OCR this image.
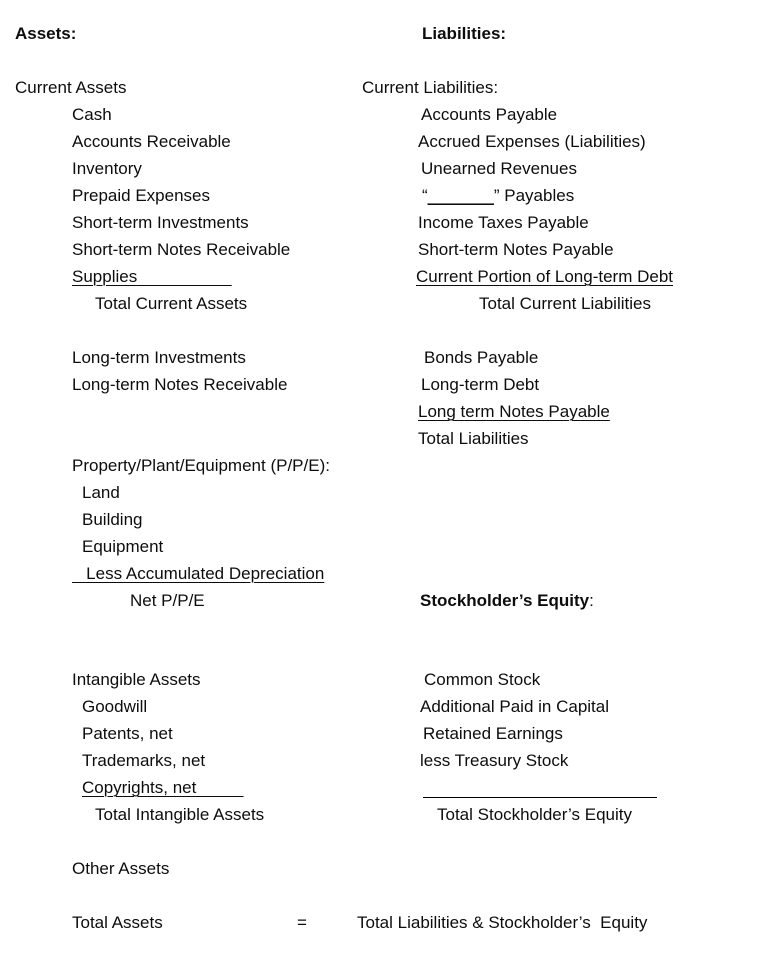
Assets:
Current Assets
Cash
Accounts Receivable
Inventory
Prepaid Expenses
Short-term Investments
Short-term Notes Receivable
Supplies
Total Current Assets
Long-term Investments
Long-term Notes Receivable
Property/Plant/Equipment (P/P/E):
Land
Building
Equipment
Less Accumulated Depreciation
Net P/P/E
Intangible Assets
Goodwill
Patents, net
Trademarks, net
Copyrights, net
Total Intangible Assets
Other Assets
Total Assets	=
Liabilities:
Current Liabilities:
Accounts Payable
Accrued Expenses (Liabilities)
Unearned Revenues
“_______” Payables
Income Taxes Payable
Short-term Notes Payable
Current Portion of Long-term Debt
Total Current Liabilities
Bonds Payable
Long-term Debt
Long term Notes Payable
Total Liabilities
Stockholder’s Equity:
Common Stock
Additional Paid in Capital
Retained Earnings
less Treasury Stock
Total Stockholder’s Equity
Total Liabilities & Stockholder’s  Equity
